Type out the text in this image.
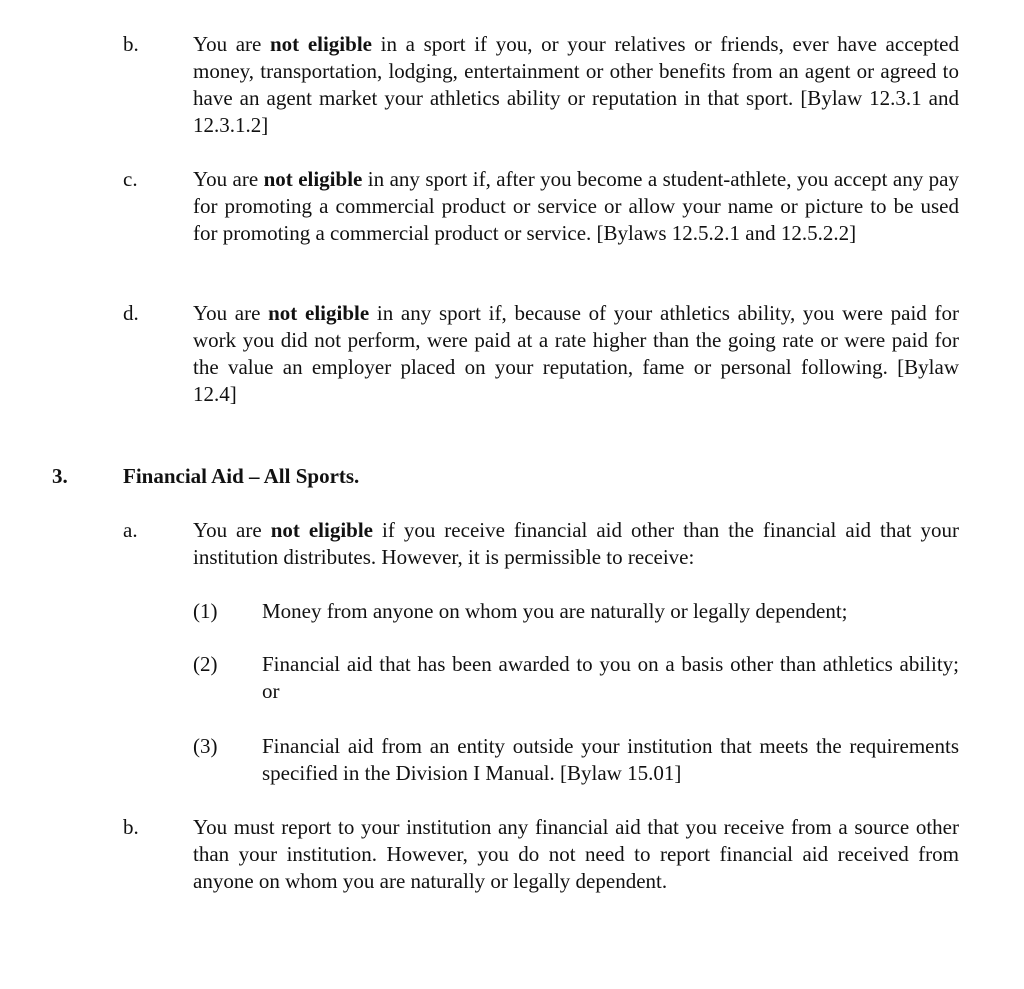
b.	You are not eligible in a sport if you, or your relatives or friends, ever have accepted money, transportation, lodging, entertainment or other benefits from an agent or agreed to have an agent market your athletics ability or reputation in that sport. [Bylaw 12.3.1 and 12.3.1.2]
c.	You are not eligible in any sport if, after you become a student-athlete, you accept any pay for promoting a commercial product or service or allow your name or picture to be used for promoting a commercial product or service. [Bylaws 12.5.2.1 and 12.5.2.2]
d.	You are not eligible in any sport if, because of your athletics ability, you were paid for work you did not perform, were paid at a rate higher than the going rate or were paid for the value an employer placed on your reputation, fame or personal following. [Bylaw 12.4]
3.	Financial Aid – All Sports.
a.	You are not eligible if you receive financial aid other than the financial aid that your institution distributes. However, it is permissible to receive:
(1) Money from anyone on whom you are naturally or legally dependent;
(2) Financial aid that has been awarded to you on a basis other than athletics ability; or
(3) Financial aid from an entity outside your institution that meets the requirements specified in the Division I Manual. [Bylaw 15.01]
b.	You must report to your institution any financial aid that you receive from a source other than your institution. However, you do not need to report financial aid received from anyone on whom you are naturally or legally dependent.
